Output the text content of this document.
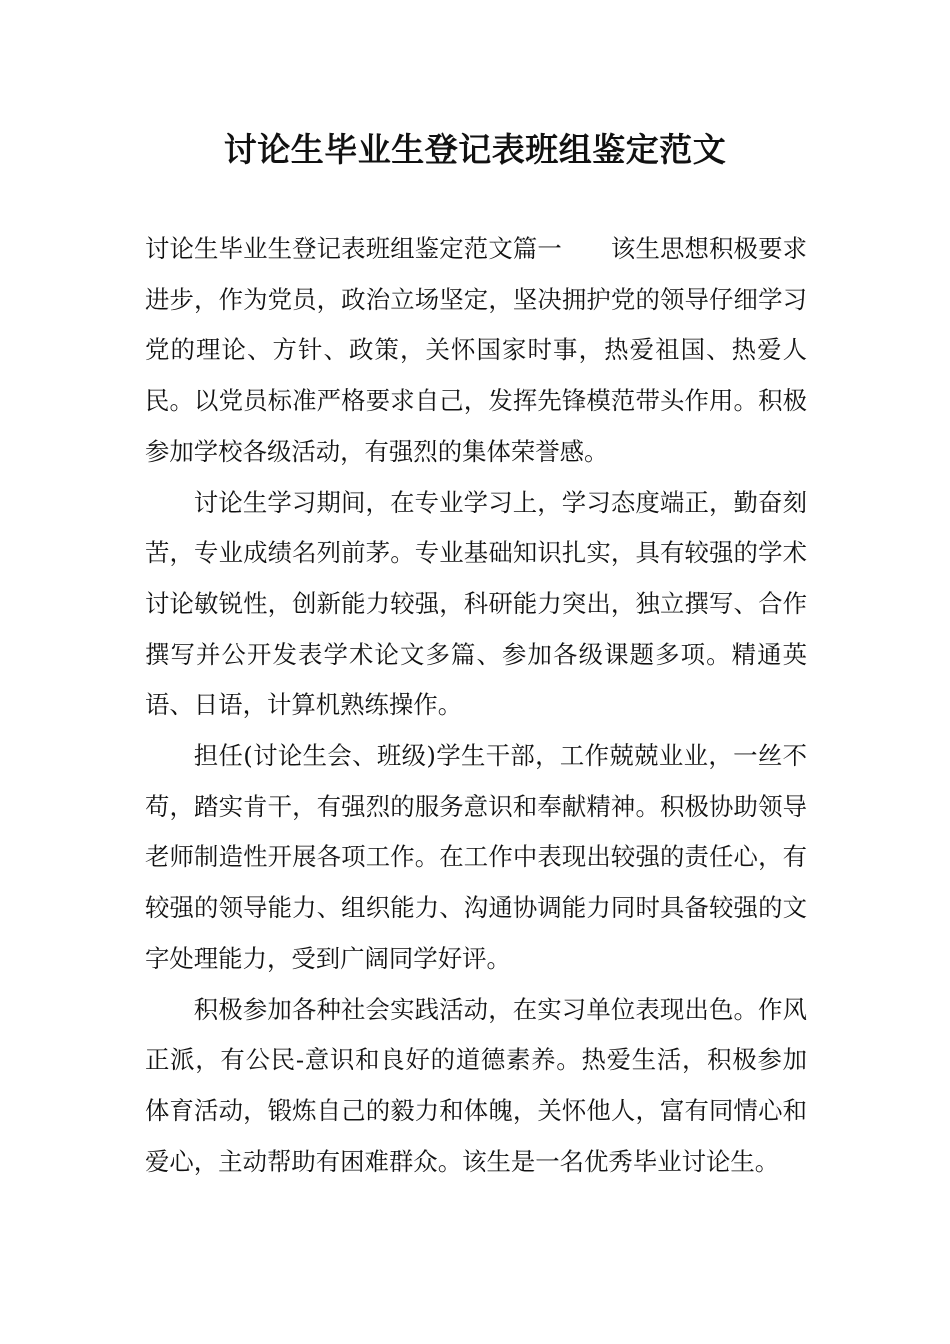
讨论生毕业生登记表班组鉴定范文

讨论生毕业生登记表班组鉴定范文篇一　　该生思想积极要求进步，作为党员，政治立场坚定，坚决拥护党的领导仔细学习党的理论、方针、政策，关怀国家时事，热爱祖国、热爱人民。以党员标准严格要求自己，发挥先锋模范带头作用。积极参加学校各级活动，有强烈的集体荣誉感。

讨论生学习期间，在专业学习上，学习态度端正，勤奋刻苦，专业成绩名列前茅。专业基础知识扎实，具有较强的学术讨论敏锐性，创新能力较强，科研能力突出，独立撰写、合作撰写并公开发表学术论文多篇、参加各级课题多项。精通英语、日语，计算机熟练操作。

担任(讨论生会、班级)学生干部，工作兢兢业业，一丝不苟，踏实肯干，有强烈的服务意识和奉献精神。积极协助领导老师制造性开展各项工作。在工作中表现出较强的责任心，有较强的领导能力、组织能力、沟通协调能力同时具备较强的文字处理能力，受到广阔同学好评。

积极参加各种社会实践活动，在实习单位表现出色。作风正派，有公民-意识和良好的道德素养。热爱生活，积极参加体育活动，锻炼自己的毅力和体魄，关怀他人，富有同情心和爱心，主动帮助有困难群众。该生是一名优秀毕业讨论生。
